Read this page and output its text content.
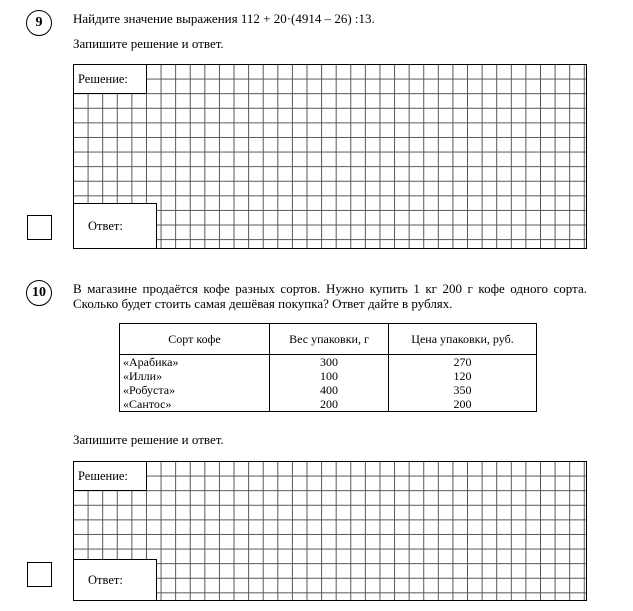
9 Найдите значение выражения 112 + 20·(4914 – 26) :13.
Запишите решение и ответ.
Решение:
Ответ:
10 В магазине продаётся кофе разных сортов. Нужно купить 1 кг 200 г кофе одного сорта. Сколько будет стоить самая дешёвая покупка? Ответ дайте в рублях.
Сорт кофе	Вес упаковки, г	Цена упаковки, руб.
«Арабика»	300	270
«Илли»	100	120
«Робуста»	400	350
«Сантос»	200	200
Запишите решение и ответ.
Решение:
Ответ:
